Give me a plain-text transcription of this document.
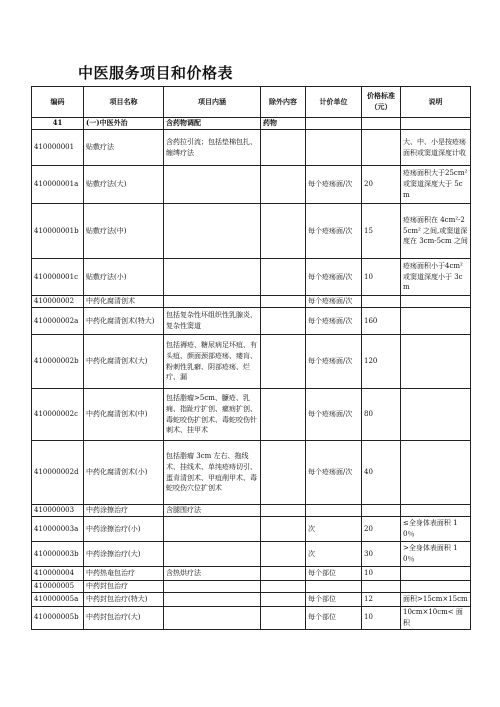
中医服务项目和价格表
编码	项目名称	项目内涵	除外内容	计价单位	价格标准
（元）	说明
41	(一)中医外治	含药物调配	药物			
410000001	贴敷疗法	含药拉引流；包括垫棉包扎、缠缚疗法				大、中、小是按疮疡面积或窦道深度计收
410000001a	贴敷疗法(大)			每个疮疡面/次	20	疮疡面积大于25cm²或窦道深度大于 5cm
410000001b	贴敷疗法(中)			每个疮疡面/次	15	疮疡面积在 4cm²-25cm² 之间,或窦道深度在 3cm-5cm 之间
410000001c	贴敷疗法(小)			每个疮疡面/次	10	疮疡面积小于4cm²或窦道深度小于 3cm
410000002	中药化腐清创术			每个疮疡面/次		
410000002a	中药化腐清创术(特大)	包括复杂性坏组织性乳腺炎、复杂性窦道		每个疮疡面/次	160	
410000002b	中药化腐清创术(大)	包括褥疮、糖尿病足坏疽、有头疽、颜面颈部疮疡、瘘肓、粉刺性乳癖、阴部疮疡、烂疔、漏		每个疮疡面/次	120	
410000002c	中药化腐清创术(中)	包括脂瘤>5cm、臁疮、乳痈、指趾疔扩创、瘰疬扩创、毒蛇咬伤扩创术、毒蛇咬伤针刺术、挂甲术		每个疮疡面/次	80	
410000002d	中药化腐清创术(小)	包括脂瘤 3cm 左右、拖线术、挂线术、单纯疮痔切引、蛋肯清创术、甲疽削甲术、毒蛇咬伤穴位扩创术		每个疮疡面/次	40	
410000003	中药涂擦治疗	含腿围疗法				
410000003a	中药涂擦治疗(小)			次	20	≤全身体表面积 10％
410000003b	中药涂擦治疗(大)			次	30	>全身体表面积 10％
410000004	中药热奄包治疗	含热烘疗法		每个部位	10	
410000005	中药封包治疗					
410000005a	中药封包治疗(特大)			每个部位	12	面积>15cm×15cm
410000005b	中药封包治疗(大)			每个部位	10	10cm×10cm< 面积
